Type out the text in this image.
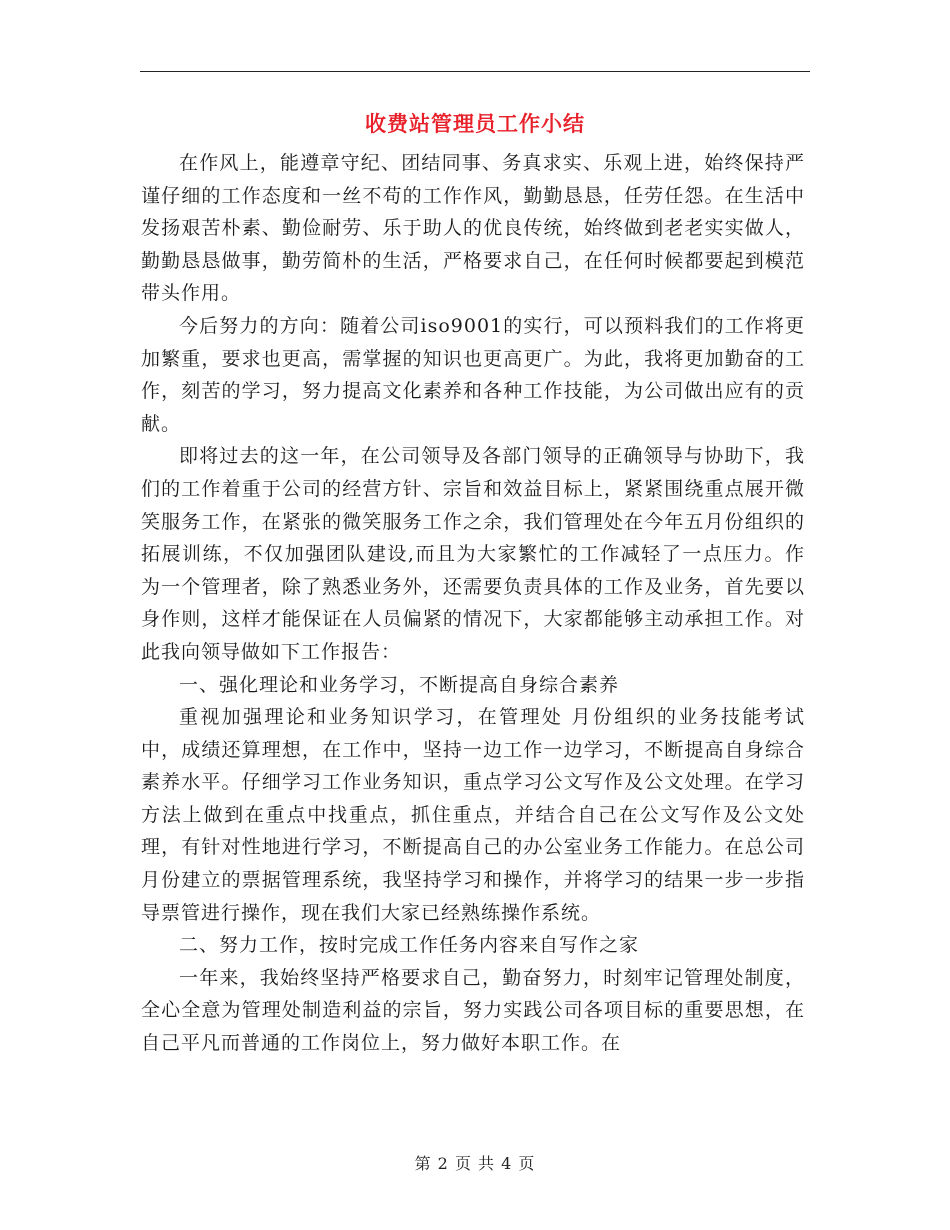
收费站管理员工作小结

在作风上，能遵章守纪、团结同事、务真求实、乐观上进，始终保持严谨仔细的工作态度和一丝不苟的工作作风，勤勤恳恳，任劳任怨。在生活中发扬艰苦朴素、勤俭耐劳、乐于助人的优良传统，始终做到老老实实做人，勤勤恳恳做事，勤劳简朴的生活，严格要求自己，在任何时候都要起到模范带头作用。

今后努力的方向：随着公司iso9001的实行，可以预料我们的工作将更加繁重，要求也更高，需掌握的知识也更高更广。为此，我将更加勤奋的工作，刻苦的学习，努力提高文化素养和各种工作技能，为公司做出应有的贡献。

即将过去的这一年，在公司领导及各部门领导的正确领导与协助下，我们的工作着重于公司的经营方针、宗旨和效益目标上，紧紧围绕重点展开微笑服务工作，在紧张的微笑服务工作之余，我们管理处在今年五月份组织的拓展训练，不仅加强团队建设,而且为大家繁忙的工作减轻了一点压力。作为一个管理者，除了熟悉业务外，还需要负责具体的工作及业务，首先要以身作则，这样才能保证在人员偏紧的情况下，大家都能够主动承担工作。对此我向领导做如下工作报告：

一、强化理论和业务学习，不断提高自身综合素养

重视加强理论和业务知识学习，在管理处 月份组织的业务技能考试中，成绩还算理想，在工作中，坚持一边工作一边学习，不断提高自身综合素养水平。仔细学习工作业务知识，重点学习公文写作及公文处理。在学习方法上做到在重点中找重点，抓住重点，并结合自己在公文写作及公文处理，有针对性地进行学习，不断提高自己的办公室业务工作能力。在总公司 月份建立的票据管理系统，我坚持学习和操作，并将学习的结果一步一步指导票管进行操作，现在我们大家已经熟练操作系统。

二、努力工作，按时完成工作任务内容来自写作之家

一年来，我始终坚持严格要求自己，勤奋努力，时刻牢记管理处制度，全心全意为管理处制造利益的宗旨，努力实践公司各项目标的重要思想，在自己平凡而普通的工作岗位上，努力做好本职工作。在

第 2 页 共 4 页
